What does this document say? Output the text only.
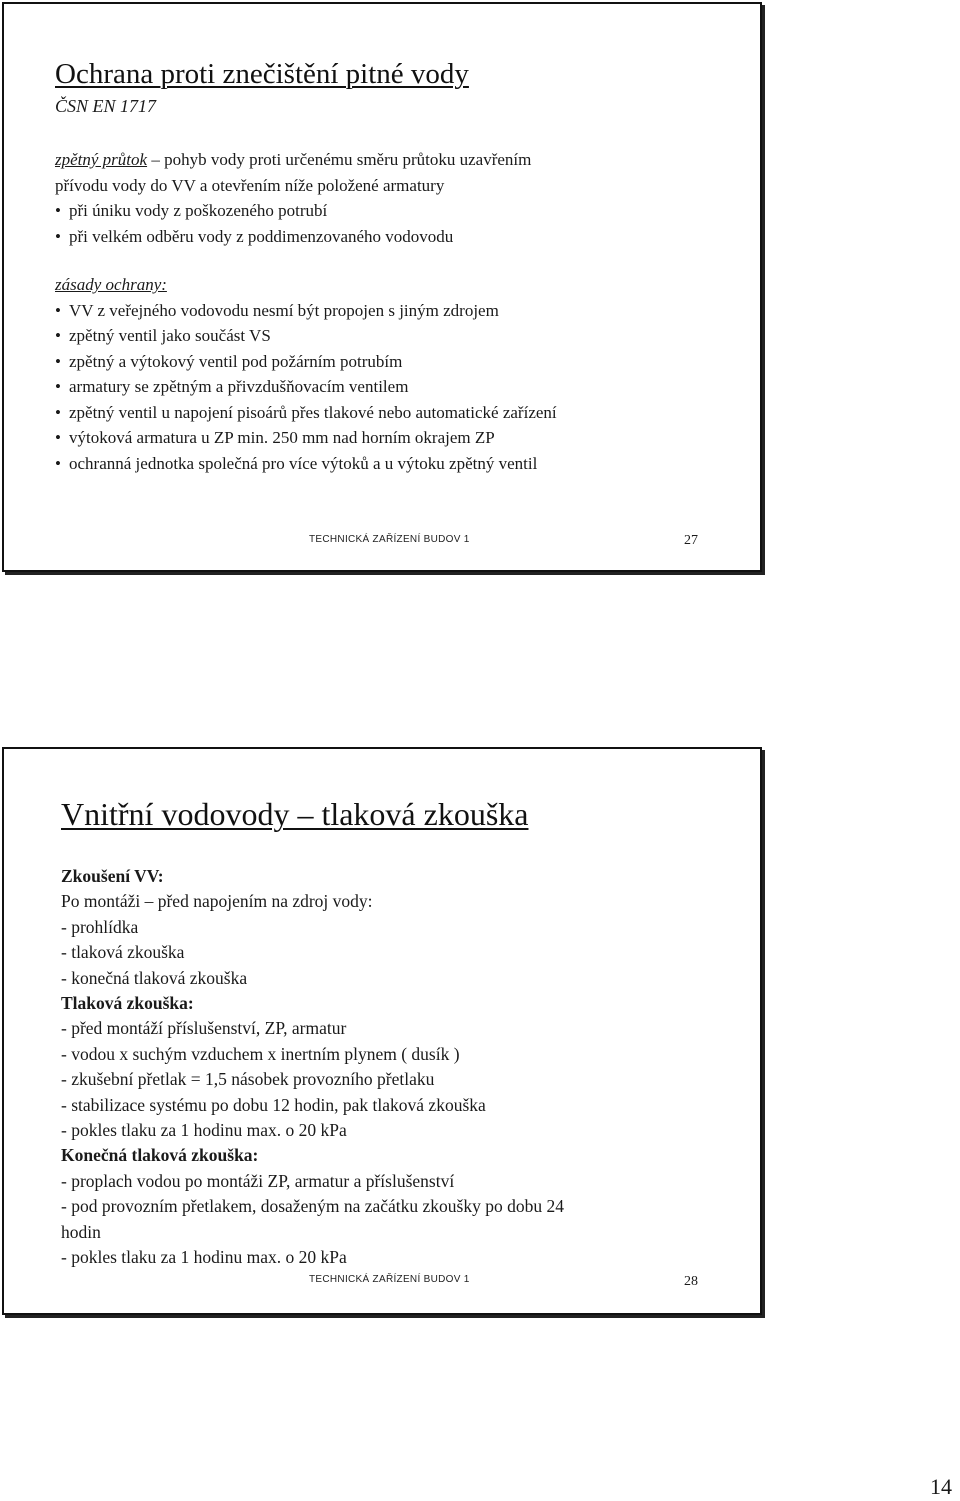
Ochrana proti znečištění pitné vody
ČSN EN 1717
zpětný průtok – pohyb vody proti určenému směru průtoku uzavřením
přívodu vody do VV a otevřením níže položené armatury
• při úniku vody z poškozeného potrubí
• při velkém odběru vody z poddimenzovaného vodovodu
zásady ochrany:
• VV z veřejného vodovodu nesmí být propojen s jiným zdrojem
• zpětný ventil jako součást VS
• zpětný a výtokový ventil pod požárním potrubím
• armatury se zpětným a přivzdušňovacím ventilem
• zpětný ventil u napojení pisoárů přes tlakové nebo automatické zařízení
• výtoková armatura u ZP min. 250 mm nad horním okrajem ZP
• ochranná jednotka společná pro více výtoků a u výtoku zpětný ventil
TECHNICKÁ ZAŘÍZENÍ BUDOV 1	27
Vnitřní vodovody – tlaková zkouška
Zkoušení VV:
Po montáži – před napojením na zdroj vody:
- prohlídka
- tlaková zkouška
- konečná tlaková zkouška
Tlaková zkouška:
- před montáží příslušenství, ZP, armatur
- vodou x suchým vzduchem x inertním plynem ( dusík )
- zkušební přetlak = 1,5 násobek provozního přetlaku
- stabilizace systému po dobu 12 hodin, pak tlaková zkouška
- pokles tlaku za 1 hodinu max. o 20 kPa
Konečná tlaková zkouška:
- proplach vodou po montáži ZP, armatur a příslušenství
- pod provozním přetlakem, dosaženým na začátku zkoušky po dobu 24
hodin
- pokles tlaku za 1 hodinu max. o 20 kPa
TECHNICKÁ ZAŘÍZENÍ BUDOV 1	28
14
